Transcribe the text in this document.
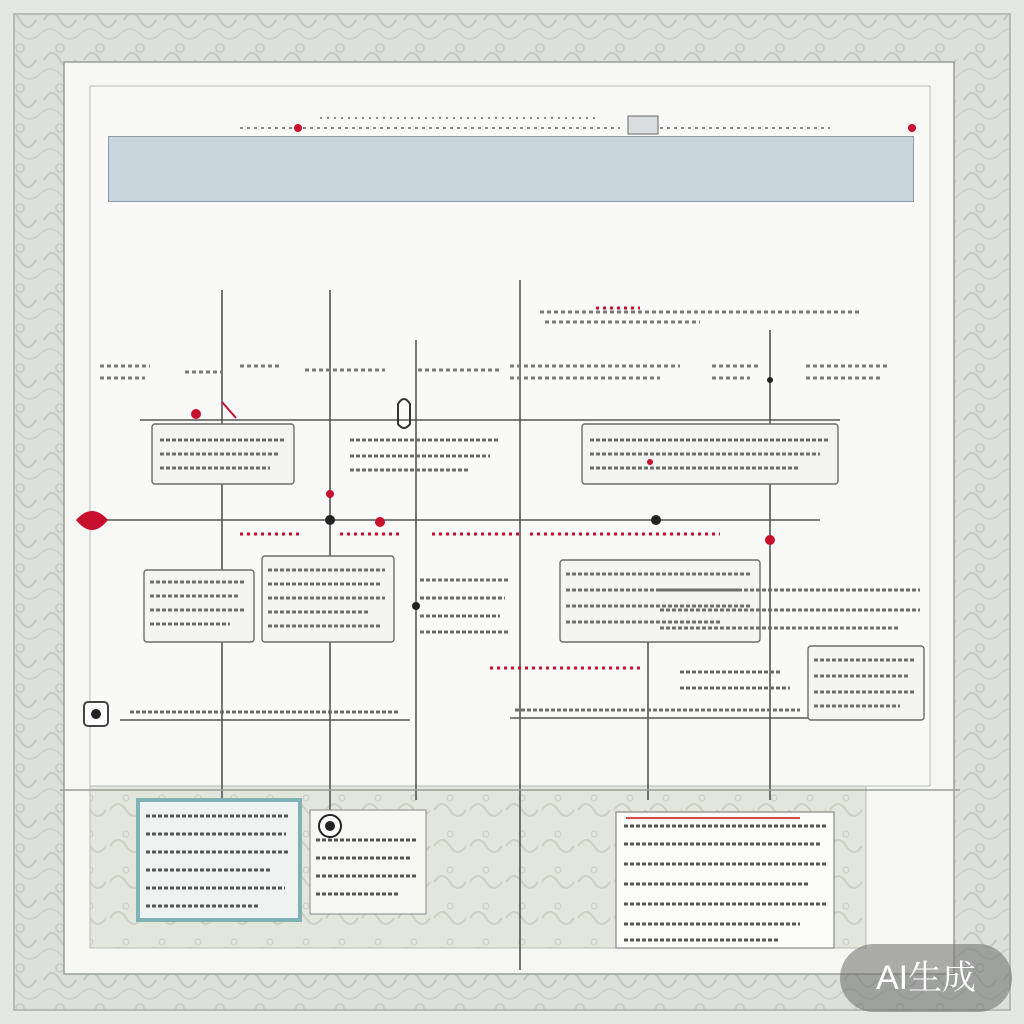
AI生成
